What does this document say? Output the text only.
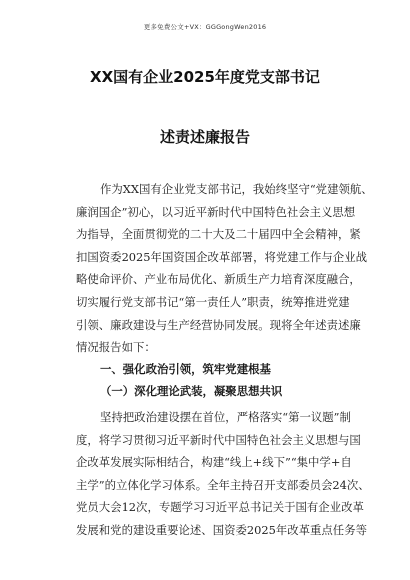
更多免费公文+VX：GGGongWen2016
XX国有企业2025年度党支部书记
述责述廉报告
作为XX国有企业党支部书记，我始终坚守“党建领航、
廉润国企”初心，以习近平新时代中国特色社会主义思想
为指导，全面贯彻党的二十大及二十届四中全会精神，紧
扣国资委2025年国资国企改革部署，将党建工作与企业战
略使命评价、产业布局优化、新质生产力培育深度融合，
切实履行党支部书记“第一责任人”职责，统筹推进党建
引领、廉政建设与生产经营协同发展。现将全年述责述廉
情况报告如下：
一、强化政治引领，筑牢党建根基
（一）深化理论武装，凝聚思想共识
坚持把政治建设摆在首位，严格落实“第一议题”制
度，将学习贯彻习近平新时代中国特色社会主义思想与国
企改革发展实际相结合，构建“线上+线下”“集中学+自
主学”的立体化学习体系。全年主持召开支部委员会24次、
党员大会12次，专题学习习近平总书记关于国有企业改革
发展和党的建设重要论述、国资委2025年改革重点任务等
